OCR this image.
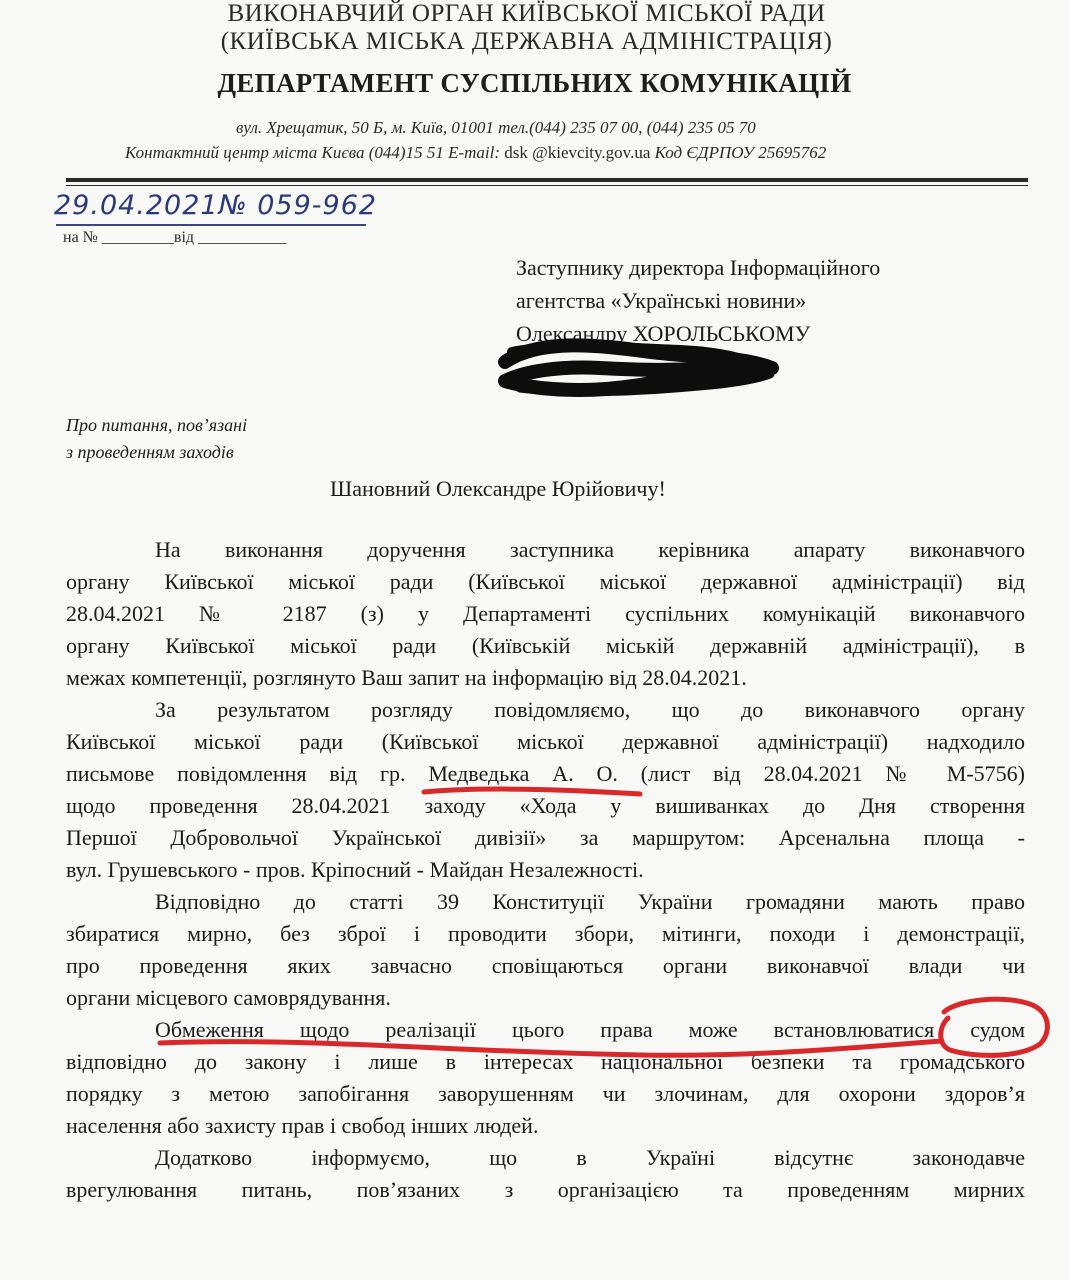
ВИКОНАВЧИЙ ОРГАН КИЇВСЬКОЇ МІСЬКОЇ РАДИ
(КИЇВСЬКА МІСЬКА ДЕРЖАВНА АДМІНІСТРАЦІЯ)
ДЕПАРТАМЕНТ СУСПІЛЬНИХ КОМУНІКАЦІЙ
вул. Хрещатик, 50 Б, м. Київ, 01001 тел.(044) 235 07 00, (044) 235 05 70
Контактний центр міста Києва (044)15 51 E-mail: dsk @kievcity.gov.ua Код ЄДРПОУ 25695762
29.04.2021№ 059-962
на № _________від ___________
Заступнику директора Інформаційного
агентства «Українські новини»
Олександру ХОРОЛЬСЬКОМУ
Про питання, пов’язані
з проведенням заходів
Шановний Олександре Юрійовичу!
На виконання доручення заступника керівника апарату виконавчого
органу Київської міської ради (Київської міської державної адміністрації) від
28.04.2021 № 2187 (з) у Департаменті суспільних комунікацій виконавчого
органу Київської міської ради (Київській міській державній адміністрації), в
межах компетенції, розглянуто Ваш запит на інформацію від 28.04.2021.
За результатом розгляду повідомляємо, що до виконавчого органу
Київської міської ради (Київської міської державної адміністрації) надходило
письмове повідомлення від гр. Медведька А. О. (лист від 28.04.2021 № М-5756)
щодо проведення 28.04.2021 заходу «Хода у вишиванках до Дня створення
Першої Добровольчої Української дивізії» за маршрутом: Арсенальна площа -
вул. Грушевського - пров. Кріпосний - Майдан Незалежності.
Відповідно до статті 39 Конституції України громадяни мають право
збиратися мирно, без зброї і проводити збори, мітинги, походи і демонстрації,
про проведення яких завчасно сповіщаються органи виконавчої влади чи
органи місцевого самоврядування.
Обмеження щодо реалізації цього права може встановлюватися судом
відповідно до закону і лише в інтересах національної безпеки та громадського
порядку з метою запобігання заворушенням чи злочинам, для охорони здоров’я
населення або захисту прав і свобод інших людей.
Додатково інформуємо, що в Україні відсутнє законодавче
врегулювання питань, пов’язаних з організацією та проведенням мирних
